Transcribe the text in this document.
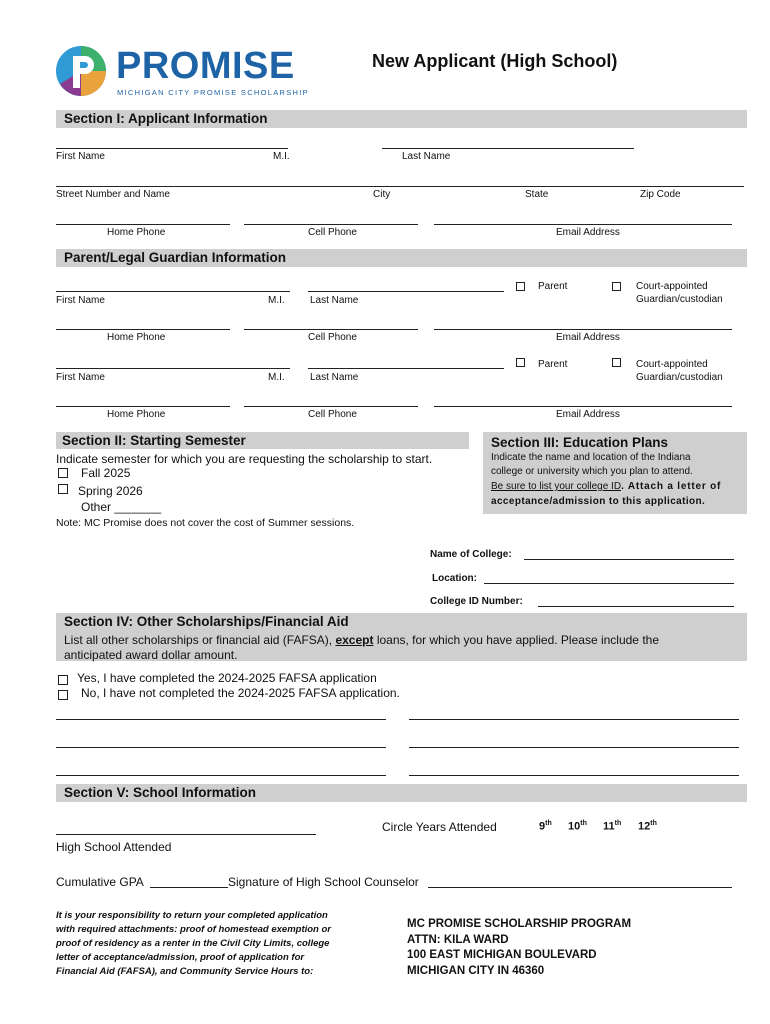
PROMISE
MICHIGAN CITY PROMISE SCHOLARSHIP
New Applicant (High School)
Section I: Applicant Information
First Name	M.I.	Last Name
Street Number and Name	City	State	Zip Code
Home Phone	Cell Phone	Email Address
Parent/Legal Guardian Information
Parent	Court-appointed
Guardian/custodian
First Name	M.I.	Last Name
Home Phone	Cell Phone	Email Address
Parent	Court-appointed
Guardian/custodian
First Name	M.I.	Last Name
Home Phone	Cell Phone	Email Address
Section II: Starting Semester
Indicate semester for which you are requesting the scholarship to start.
Fall 2025
Spring 2026
Other _______
Note: MC Promise does not cover the cost of Summer sessions.
Section III: Education Plans
Indicate the name and location of the Indiana
college or university which you plan to attend.
Be sure to list your college ID. Attach a letter of
acceptance/admission to this application.
Name of College:
Location:
College ID Number:
Section IV: Other Scholarships/Financial Aid
List all other scholarships or financial aid (FAFSA), except loans, for which you have applied. Please include the
anticipated award dollar amount.
Yes, I have completed the 2024-2025 FAFSA application
No, I have not completed the 2024-2025 FAFSA application.
Section V: School Information
Circle Years Attended	9th 10th 11th 12th
High School Attended
Cumulative GPA	Signature of High School Counselor
It is your responsibility to return your completed application
with required attachments: proof of homestead exemption or
proof of residency as a renter in the Civil City Limits, college
letter of acceptance/admission, proof of application for
Financial Aid (FAFSA), and Community Service Hours to:
MC PROMISE SCHOLARSHIP PROGRAM
ATTN: KILA WARD
100 EAST MICHIGAN BOULEVARD
MICHIGAN CITY IN 46360
